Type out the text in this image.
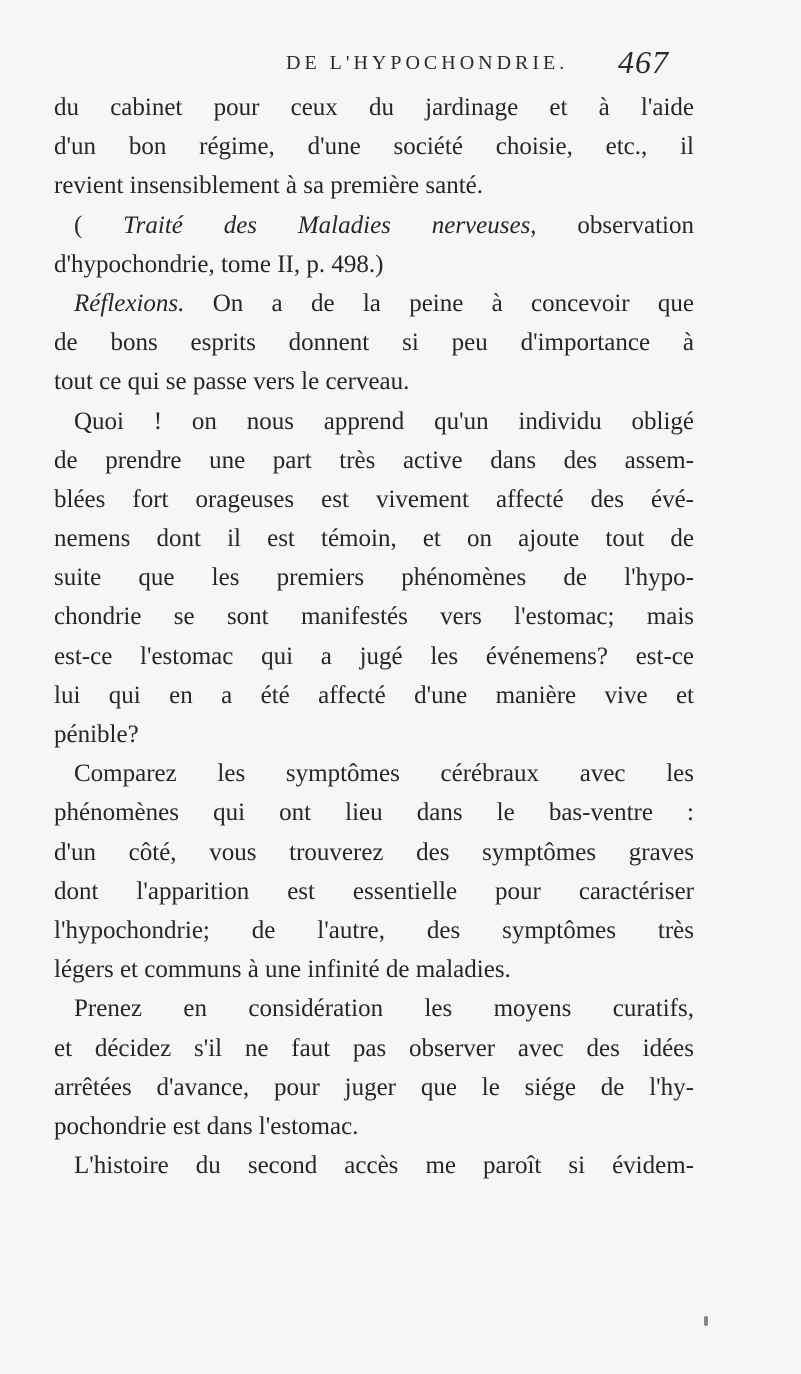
DE L'HYPOCHONDRIE. 467
du cabinet pour ceux du jardinage et à l'aide
d'un bon régime, d'une société choisie, etc., il
revient insensiblement à sa première santé.
( Traité des Maladies nerveuses, observation
d'hypochondrie, tome II, p. 498.)
Réflexions. On a de la peine à concevoir que
de bons esprits donnent si peu d'importance à
tout ce qui se passe vers le cerveau.
Quoi ! on nous apprend qu'un individu obligé
de prendre une part très active dans des assem-
blées fort orageuses est vivement affecté des évé-
nemens dont il est témoin, et on ajoute tout de
suite que les premiers phénomènes de l'hypo-
chondrie se sont manifestés vers l'estomac; mais
est-ce l'estomac qui a jugé les événemens? est-ce
lui qui en a été affecté d'une manière vive et
pénible?
Comparez les symptômes cérébraux avec les
phénomènes qui ont lieu dans le bas-ventre :
d'un côté, vous trouverez des symptômes graves
dont l'apparition est essentielle pour caractériser
l'hypochondrie; de l'autre, des symptômes très
légers et communs à une infinité de maladies.
Prenez en considération les moyens curatifs,
et décidez s'il ne faut pas observer avec des idées
arrêtées d'avance, pour juger que le siége de l'hy-
pochondrie est dans l'estomac.
L'histoire du second accès me paroît si évidem-
